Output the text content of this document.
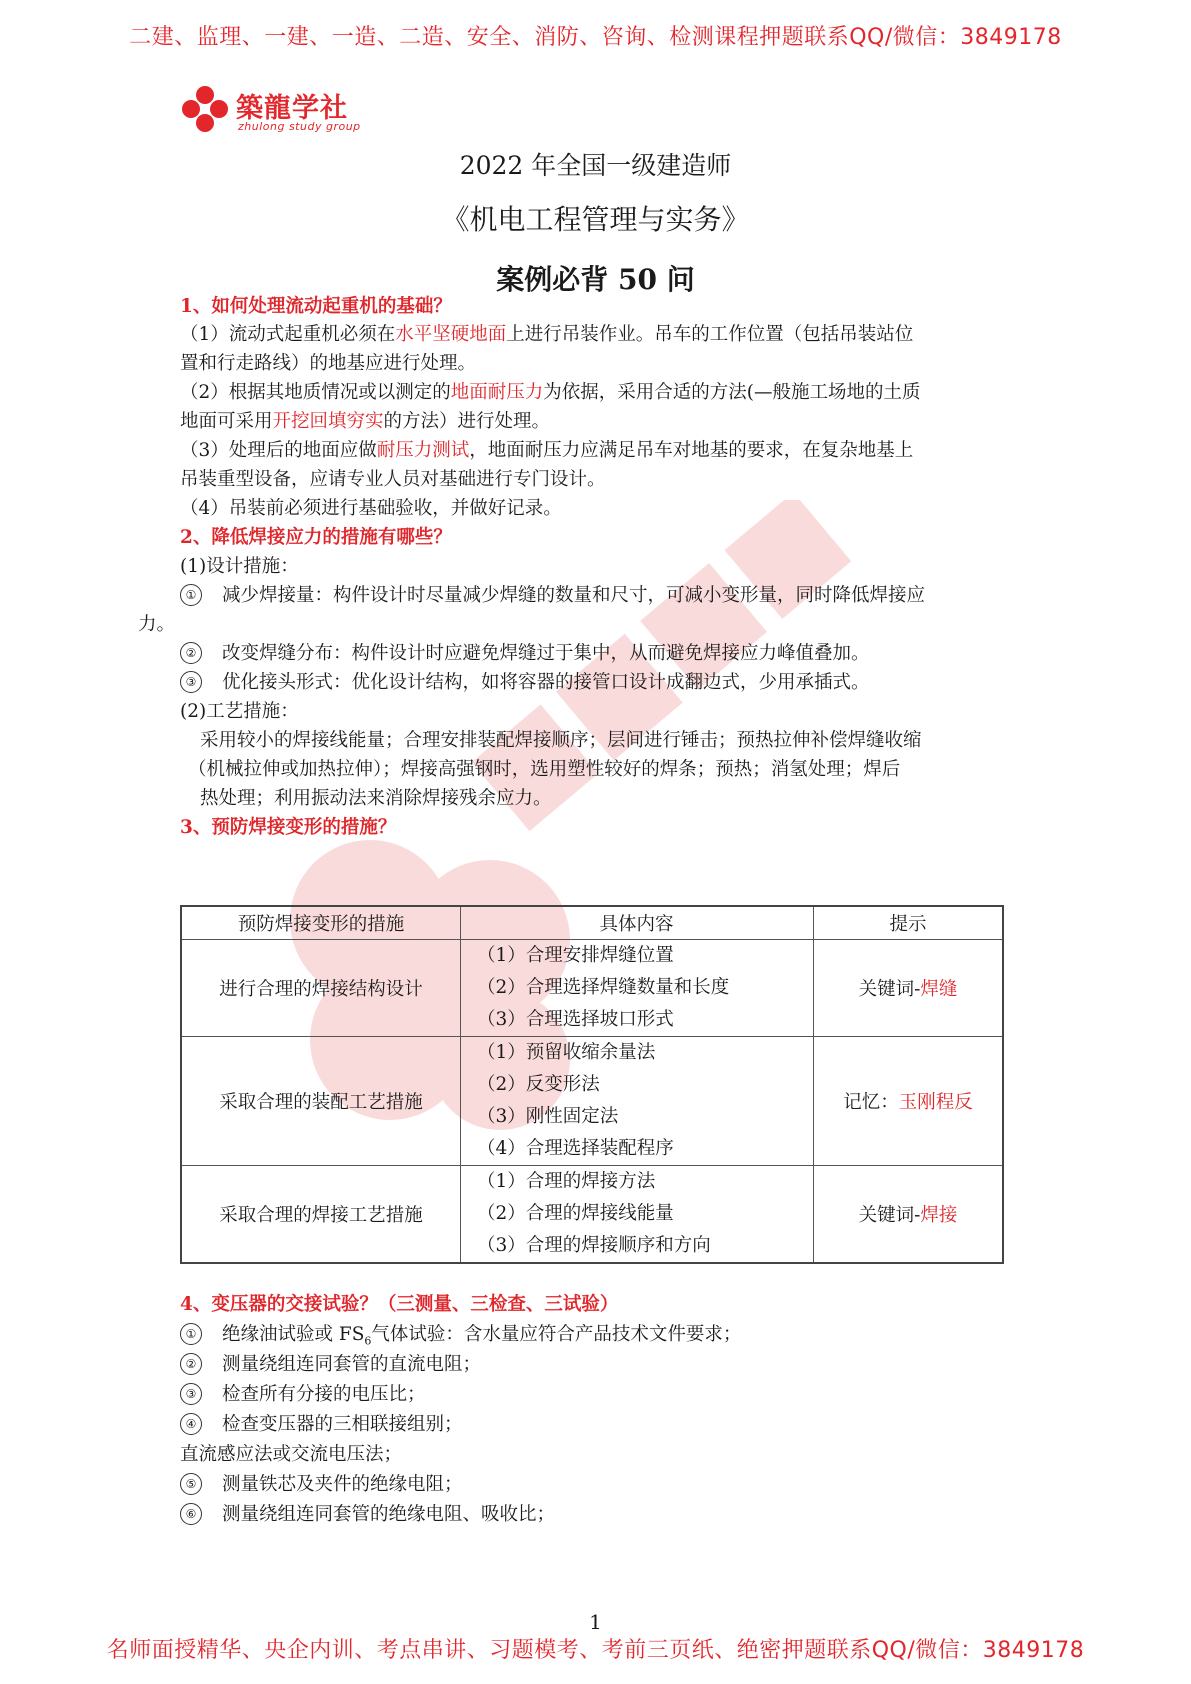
二建、监理、一建、一造、二造、安全、消防、咨询、检测课程押题联系QQ/微信：3849178
築龍学社
zhulong study group
2022 年全国一级建造师
《机电工程管理与实务》
案例必背 50 问
1、如何处理流动起重机的基础？
（1）流动式起重机必须在水平坚硬地面上进行吊装作业。吊车的工作位置（包括吊装站位
置和行走路线）的地基应进行处理。
（2）根据其地质情况或以测定的地面耐压力为依据，采用合适的方法(—般施工场地的土质
地面可采用开挖回填穷实的方法）进行处理。
（3）处理后的地面应做耐压力测试，地面耐压力应满足吊车对地基的要求，在复杂地基上
吊装重型设备，应请专业人员对基础进行专门设计。
（4）吊装前必须进行基础验收，并做好记录。
2、降低焊接应力的措施有哪些？
(1)设计措施：
① 减少焊接量：构件设计时尽量减少焊缝的数量和尺寸，可减小变形量，同时降低焊接应
力。
② 改变焊缝分布：构件设计时应避免焊缝过于集中，从而避免焊接应力峰值叠加。
③ 优化接头形式：优化设计结构，如将容器的接管口设计成翻边式，少用承插式。
(2)工艺措施：
采用较小的焊接线能量；合理安排装配焊接顺序；层间进行锤击；预热拉伸补偿焊缝收缩
（机械拉伸或加热拉伸）；焊接高强钢时，选用塑性较好的焊条；预热；消氢处理；焊后
热处理；利用振动法来消除焊接残余应力。
3、预防焊接变形的措施？
预防焊接变形的措施	具体内容	提示
进行合理的焊接结构设计	（1）合理安排焊缝位置
（2）合理选择焊缝数量和长度
（3）合理选择坡口形式	关键词-焊缝
采取合理的装配工艺措施	（1）预留收缩余量法
（2）反变形法
（3）刚性固定法
（4）合理选择装配程序	记忆：玉刚程反
采取合理的焊接工艺措施	（1）合理的焊接方法
（2）合理的焊接线能量
（3）合理的焊接顺序和方向	关键词-焊接
4、变压器的交接试验？（三测量、三检查、三试验）
① 绝缘油试验或 $FS_6$气体试验：含水量应符合产品技术文件要求；
② 测量绕组连同套管的直流电阻；
③ 检查所有分接的电压比；
④ 检查变压器的三相联接组别；
直流感应法或交流电压法；
⑤ 测量铁芯及夹件的绝缘电阻；
⑥ 测量绕组连同套管的绝缘电阻、吸收比；
1
名师面授精华、央企内训、考点串讲、习题模考、考前三页纸、绝密押题联系QQ/微信：3849178
